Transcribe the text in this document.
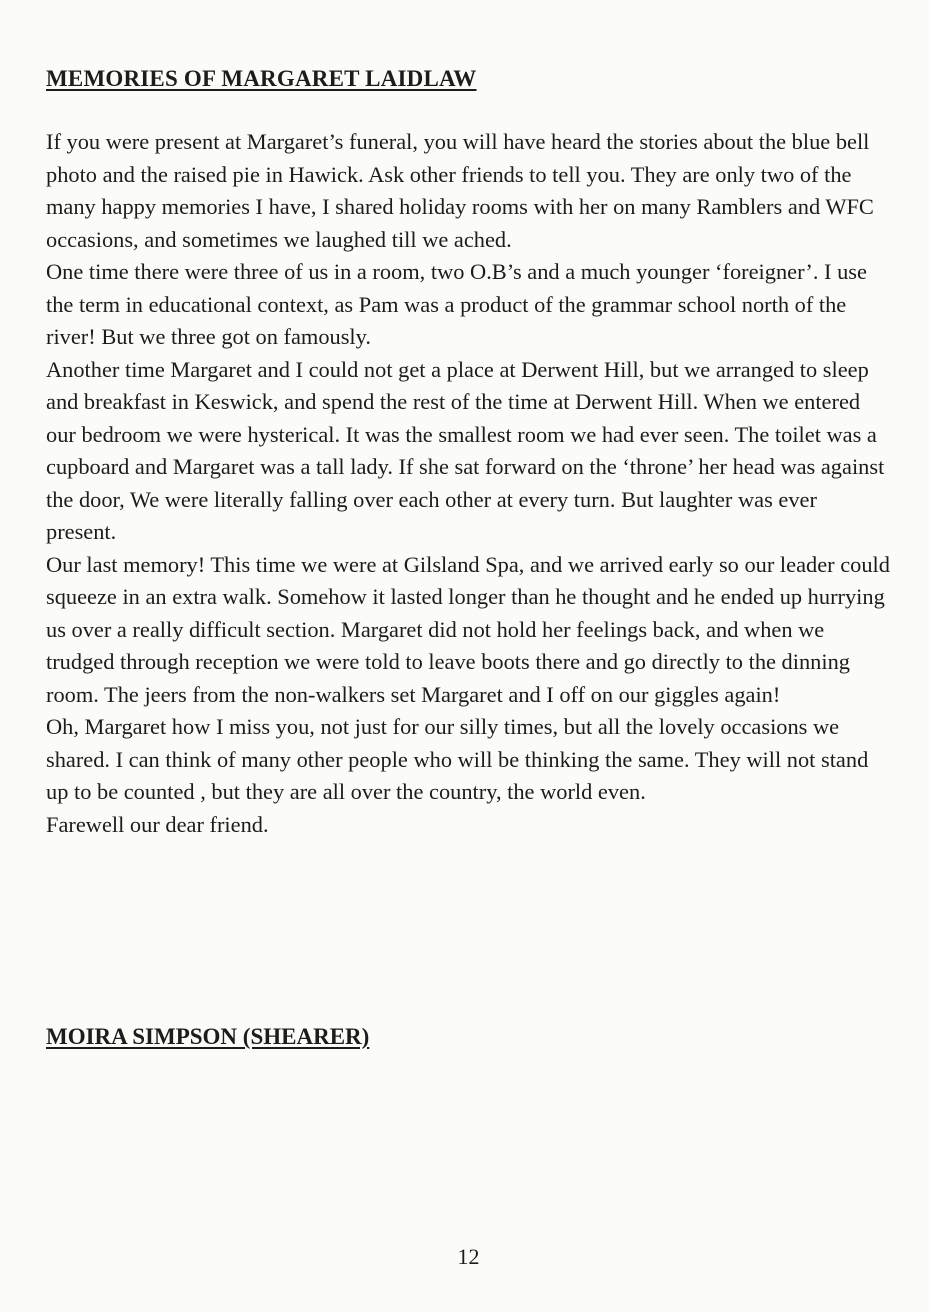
MEMORIES OF MARGARET LAIDLAW

If you were present at Margaret’s funeral, you will have heard the stories about the blue bell photo and the raised pie in Hawick. Ask other friends to tell you. They are only two of the many happy memories I have, I shared holiday rooms with her on many Ramblers and WFC occasions, and sometimes we laughed till we ached.

One time there were three of us in a room, two O.B’s and a much younger ‘foreigner’. I use the term in educational context, as Pam was a product of the grammar school north of the river! But we three got on famously.

Another time Margaret and I could not get a place at Derwent Hill, but we arranged to sleep and breakfast in Keswick, and spend the rest of the time at Derwent Hill. When we entered our bedroom we were hysterical. It was the smallest room we had ever seen. The toilet was a cupboard and Margaret was a tall lady. If she sat forward on the ‘throne’ her head was against the door, We were literally falling over each other at every turn. But laughter was ever present.

Our last memory! This time we were at Gilsland Spa, and we arrived early so our leader could squeeze in an extra walk. Somehow it lasted longer than he thought and he ended up hurrying us over a really difficult section. Margaret did not hold her feelings back, and when we trudged through reception we were told to leave boots there and go directly to the dinning room. The jeers from the non-walkers set Margaret and I off on our giggles again!

Oh, Margaret how I miss you, not just for our silly times, but all the lovely occasions we shared. I can think of many other people who will be thinking the same. They will not stand up to be counted , but they are all over the country, the world even.

Farewell our dear friend.

MOIRA SIMPSON (SHEARER)
12
